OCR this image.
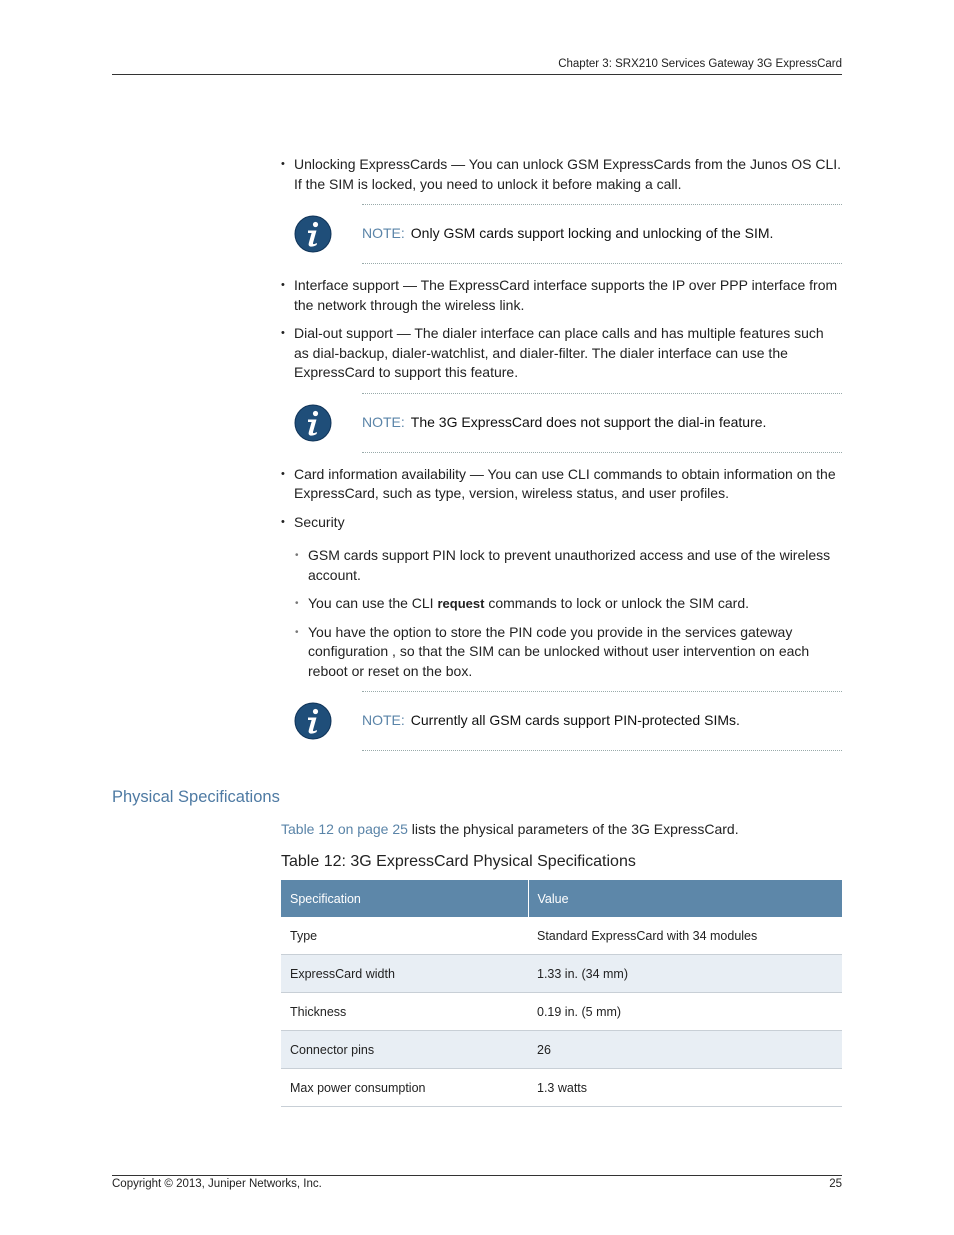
Chapter 3: SRX210 Services Gateway 3G ExpressCard
• Unlocking ExpressCards — You can unlock GSM ExpressCards from the Junos OS CLI. If the SIM is locked, you need to unlock it before making a call.
NOTE: Only GSM cards support locking and unlocking of the SIM.
• Interface support — The ExpressCard interface supports the IP over PPP interface from the network through the wireless link.
• Dial-out support — The dialer interface can place calls and has multiple features such as dial-backup, dialer-watchlist, and dialer-filter. The dialer interface can use the ExpressCard to support this feature.
NOTE: The 3G ExpressCard does not support the dial-in feature.
• Card information availability — You can use CLI commands to obtain information on the ExpressCard, such as type, version, wireless status, and user profiles.
• Security
• GSM cards support PIN lock to prevent unauthorized access and use of the wireless account.
• You can use the CLI request commands to lock or unlock the SIM card.
• You have the option to store the PIN code you provide in the services gateway configuration , so that the SIM can be unlocked without user intervention on each reboot or reset on the box.
NOTE: Currently all GSM cards support PIN-protected SIMs.
Physical Specifications
Table 12 on page 25 lists the physical parameters of the 3G ExpressCard.
Table 12: 3G ExpressCard Physical Specifications
Specification	Value
Type	Standard ExpressCard with 34 modules
ExpressCard width	1.33 in. (34 mm)
Thickness	0.19 in. (5 mm)
Connector pins	26
Max power consumption	1.3 watts
Copyright © 2013, Juniper Networks, Inc.	25
